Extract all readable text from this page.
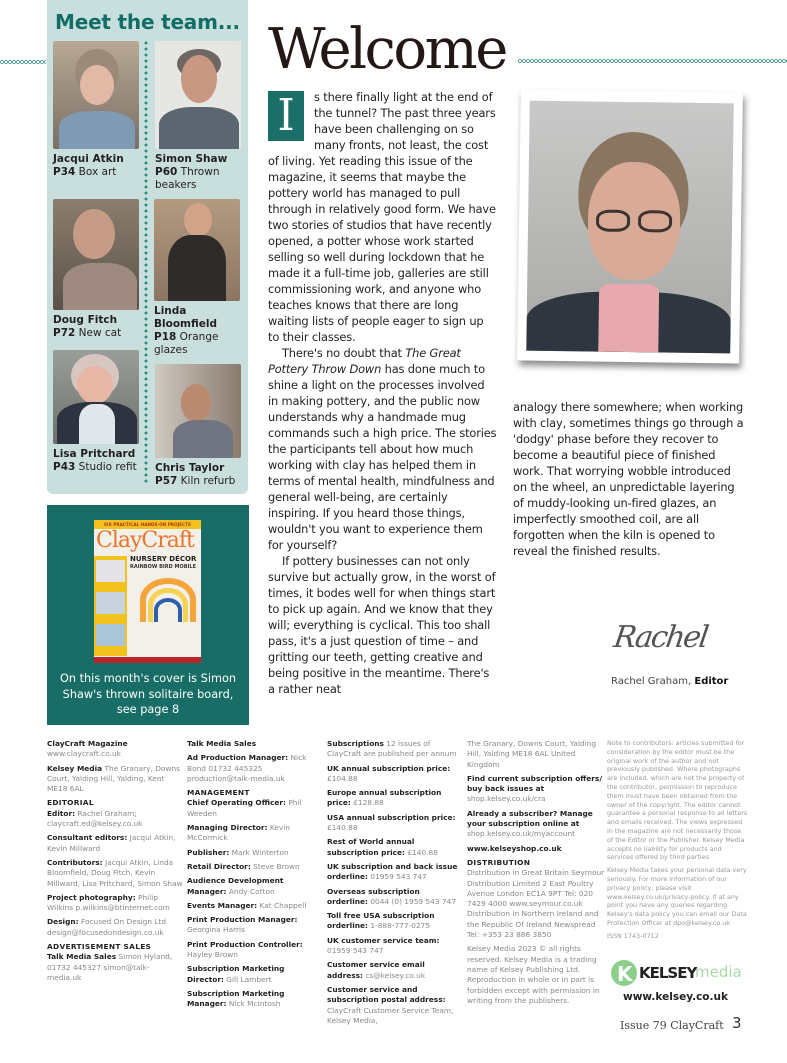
Meet the team...
Jacqui Atkin
P34 Box art
Simon Shaw
P60 Thrown beakers
Doug Fitch
P72 New cat
Linda Bloomfield
P18 Orange glazes
Lisa Pritchard
P43 Studio refit	Chris Taylor
P57 Kiln refurb
SIX PRACTICAL HANDS-ON PROJECTS
ClayCraft
NURSERY DÉCOR
RAINBOW BIRD MOBILE
On this month's cover is Simon Shaw's thrown solitaire board, see page 8
Welcome

I	s there finally light at the end of the tunnel? The past three years have been challenging on so many fronts, not least, the cost of living. Yet reading this issue of the magazine, it seems that maybe the pottery world has managed to pull through in relatively good form. We have two stories of studios that have recently opened, a potter whose work started selling so well during lockdown that he made it a full-time job, galleries are still commissioning work, and anyone who teaches knows that there are long waiting lists of people eager to sign up to their classes.

There's no doubt that The Great Pottery Throw Down has done much to shine a light on the processes involved in making pottery, and the public now understands why a handmade mug commands such a high price. The stories the participants tell about how much working with clay has helped them in terms of mental health, mindfulness and general well-being, are certainly inspiring. If you heard those things, wouldn't you want to experience them for yourself?

If pottery businesses can not only survive but actually grow, in the worst of times, it bodes well for when things start to pick up again. And we know that they will; everything is cyclical. This too shall pass, it's a just question of time – and gritting our teeth, getting creative and being positive in the meantime. There's a rather neat

analogy there somewhere; when working with clay, sometimes things go through a 'dodgy' phase before they recover to become a beautiful piece of finished work. That worrying wobble introduced on the wheel, an unpredictable layering of muddy-looking un-fired glazes, an imperfectly smoothed coil, are all forgotten when the kiln is opened to reveal the finished results.

Rachel
Rachel Graham, Editor
ClayCraft Magazine www.claycraft.co.uk
Kelsey Media The Granary, Downs Court, Yalding Hill, Yalding, Kent ME18 6AL
EDITORIAL
Editor: Rachel Graham; claycraft.ed@kelsey.co.uk
Consultant editors: Jacqui Atkin, Kevin Millward
Contributors: Jacqui Atkin, Linda Bloomfield, Doug Fitch, Kevin Millward, Lisa Pritchard, Simon Shaw
Project photography: Philip Wilkins p.wilkins@btinternet.com
Design: Focused On Design Ltd design@focusedondesign.co.uk
ADVERTISEMENT SALES
Talk Media Sales Simon Hyland, 01732 445327 simon@talk-media.uk
Talk Media Sales
Ad Production Manager: Nick Bond 01732 445325 production@talk-media.uk
MANAGEMENT
Chief Operating Officer: Phil Weeden
Managing Director: Kevin McCormick
Publisher: Mark Winterton
Retail Director: Steve Brown
Audience Development Manager: Andy Cotton
Events Manager: Kat Chappell
Print Production Manager: Georgina Harris
Print Production Controller: Hayley Brown
Subscription Marketing Director: Gill Lambert
Subscription Marketing Manager: Nick McIntosh
Subscriptions 12 issues of ClayCraft are published per annum
UK annual subscription price: £104.88
Europe annual subscription price: £128.88
USA annual subscription price: £140.88
Rest of World annual subscription price: £140.88
UK subscription and back issue orderline: 01959 543 747
Overseas subscription orderline: 0044 (0) 1959 543 747
Toll free USA subscription orderline: 1-888-777-0275
UK customer service team: 01959 543 747
Customer service email address: cs@kelsey.co.uk
Customer service and subscription postal address: ClayCraft Customer Service Team, Kelsey Media,
The Granary, Downs Court, Yalding Hill, Yalding ME18 6AL United Kingdom
Find current subscription offers/ buy back issues at shop.kelsey.co.uk/cra
Already a subscriber? Manage your subscription online at shop.kelsey.co.uk/myaccount
www.kelseyshop.co.uk
DISTRIBUTION
Distribution in Great Britain Seymour Distribution Limited 2 East Poultry Avenue London EC1A 9PT Tel: 020 7429 4000 www.seymour.co.uk Distribution in Northern Ireland and the Republic Of Ireland Newspread Tel: +353 23 886 3850
Kelsey Media 2023 © all rights reserved. Kelsey Media is a trading name of Kelsey Publishing Ltd. Reproduction in whole or in part is forbidden except with permission in writing from the publishers.
Note to contributors: articles submitted for consideration by the editor must be the original work of the author and not previously published. Where photographs are included, which are not the property of the contributor, permission to reproduce them must have been obtained from the owner of the copyright. The editor cannot guarantee a personal response to all letters and emails received. The views expressed in the magazine are not necessarily those of the Editor or the Publisher. Kelsey Media accepts no liability for products and services offered by third parties.
Kelsey Media takes your personal data very seriously. For more information of our privacy policy, please visit www.kelsey.co.uk/privacy-policy. If at any point you have any queries regarding Kelsey's data policy you can email our Data Protection Officer at dpo@kelsey.co.uk
ISSN 1743-0712
K KELSEY
media
www.kelsey.co.uk
Issue 79 ClayCraft 3
